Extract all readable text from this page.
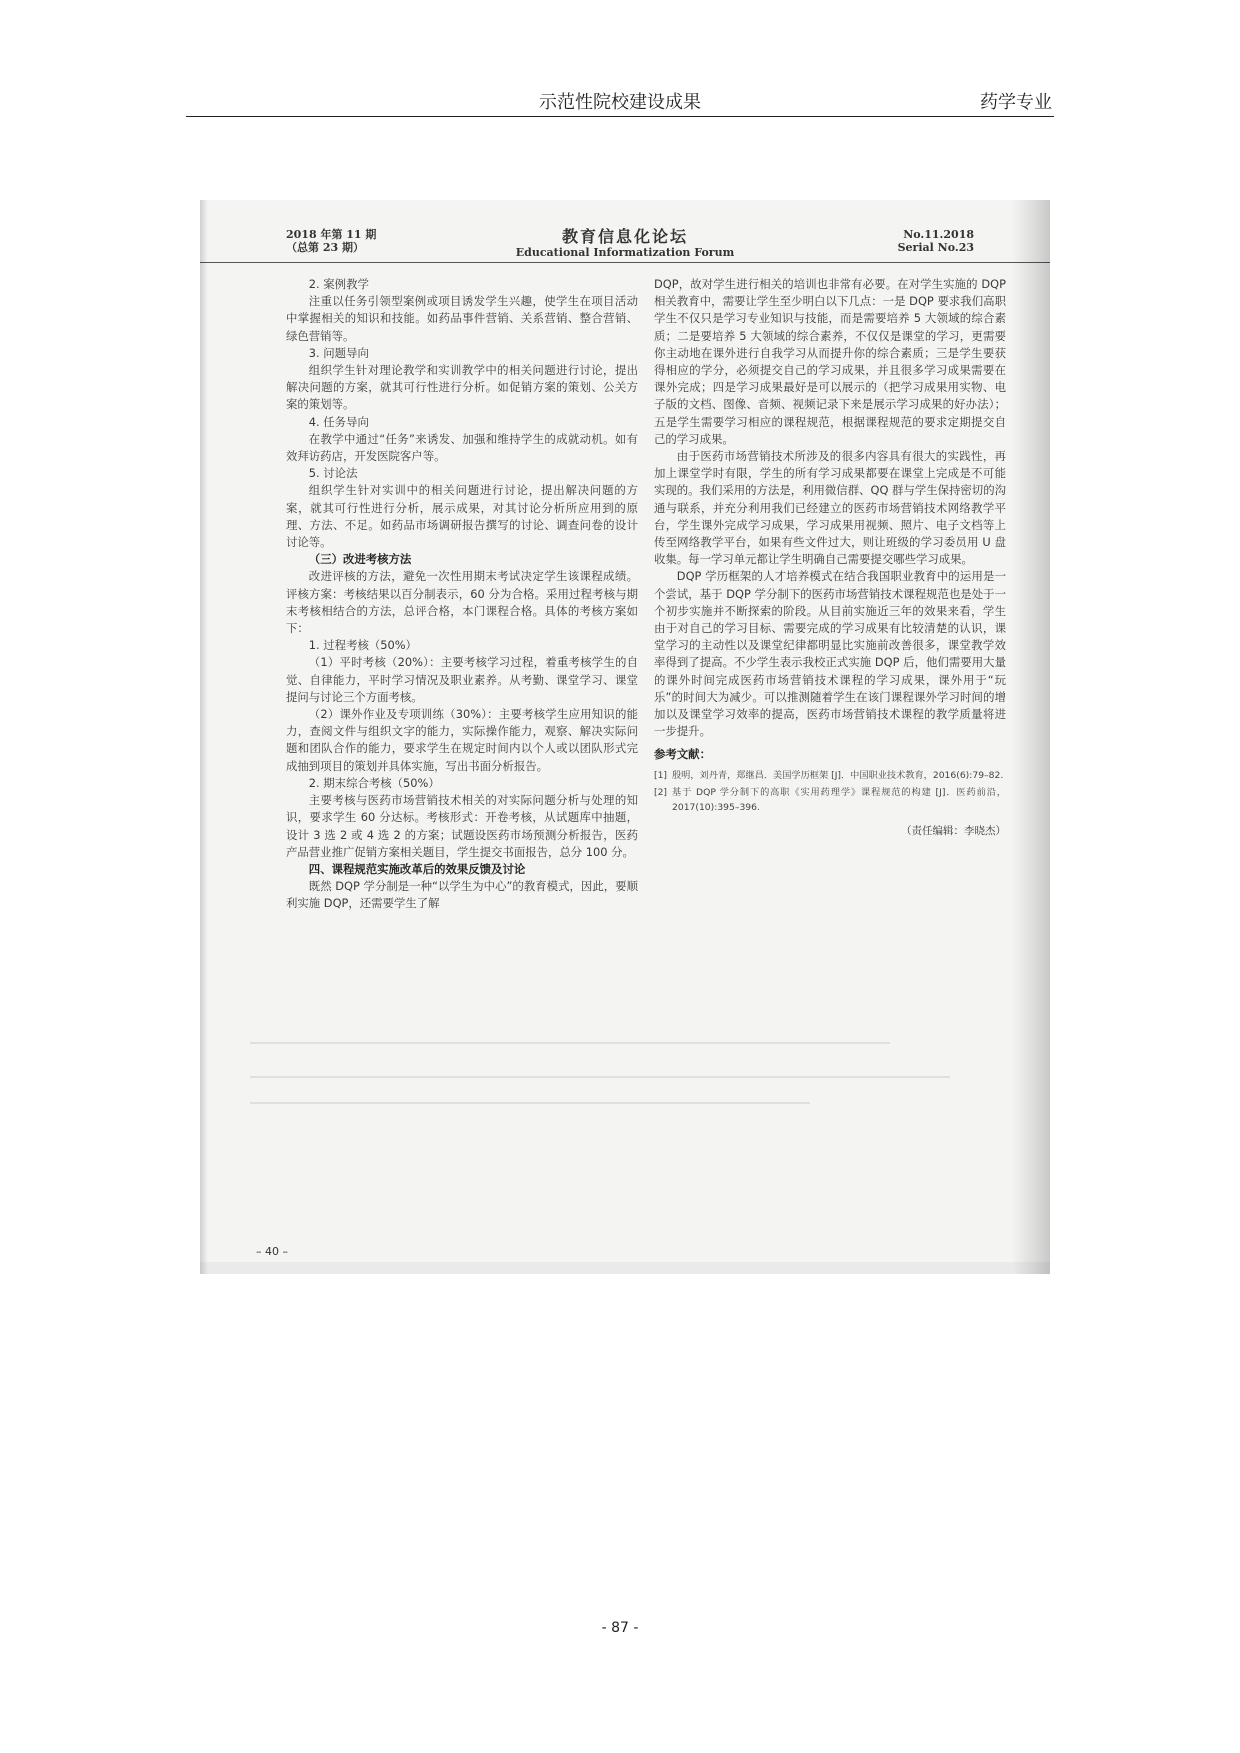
示范性院校建设成果	药学专业
2018 年第 11 期
（总第 23 期）
教育信息化论坛
Educational Informatization Forum
No.11.2018
Serial No.23

2. 案例教学

注重以任务引领型案例或项目诱发学生兴趣，使学生在项目活动中掌握相关的知识和技能。如药品事件营销、关系营销、整合营销、绿色营销等。

3. 问题导向

组织学生针对理论教学和实训教学中的相关问题进行讨论，提出解决问题的方案，就其可行性进行分析。如促销方案的策划、公关方案的策划等。

4. 任务导向

在教学中通过“任务”来诱发、加强和维持学生的成就动机。如有效拜访药店，开发医院客户等。

5. 讨论法

组织学生针对实训中的相关问题进行讨论，提出解决问题的方案，就其可行性进行分析，展示成果，对其讨论分析所应用到的原理、方法、不足。如药品市场调研报告撰写的讨论、调查问卷的设计讨论等。

（三）改进考核方法

改进评核的方法，避免一次性用期末考试决定学生该课程成绩。评核方案：考核结果以百分制表示，60 分为合格。采用过程考核与期末考核相结合的方法，总评合格，本门课程合格。具体的考核方案如下：

1. 过程考核（50%）

（1）平时考核（20%）：主要考核学习过程，着重考核学生的自觉、自律能力，平时学习情况及职业素养。从考勤、课堂学习、课堂提问与讨论三个方面考核。

（2）课外作业及专项训练（30%）：主要考核学生应用知识的能力，查阅文件与组织文字的能力，实际操作能力，观察、解决实际问题和团队合作的能力，要求学生在规定时间内以个人或以团队形式完成抽到项目的策划并具体实施，写出书面分析报告。

2. 期末综合考核（50%）

主要考核与医药市场营销技术相关的对实际问题分析与处理的知识，要求学生 60 分达标。考核形式：开卷考核，从试题库中抽题，设计 3 选 2 或 4 选 2 的方案；试题设医药市场预测分析报告，医药产品营业推广促销方案相关题目，学生提交书面报告，总分 100 分。

四、课程规范实施改革后的效果反馈及讨论

既然 DQP 学分制是一种“以学生为中心”的教育模式，因此，要顺利实施 DQP，还需要学生了解

DQP，故对学生进行相关的培训也非常有必要。在对学生实施的 DQP 相关教育中，需要让学生至少明白以下几点：一是 DQP 要求我们高职学生不仅只是学习专业知识与技能，而是需要培养 5 大领域的综合素质；二是要培养 5 大领域的综合素养，不仅仅是课堂的学习，更需要你主动地在课外进行自我学习从而提升你的综合素质；三是学生要获得相应的学分，必须提交自己的学习成果，并且很多学习成果需要在课外完成；四是学习成果最好是可以展示的（把学习成果用实物、电子版的文档、图像、音频、视频记录下来是展示学习成果的好办法）；五是学生需要学习相应的课程规范，根据课程规范的要求定期提交自己的学习成果。

由于医药市场营销技术所涉及的很多内容具有很大的实践性，再加上课堂学时有限，学生的所有学习成果都要在课堂上完成是不可能实现的。我们采用的方法是，利用微信群、QQ 群与学生保持密切的沟通与联系，并充分利用我们已经建立的医药市场营销技术网络教学平台，学生课外完成学习成果，学习成果用视频、照片、电子文档等上传至网络教学平台，如果有些文件过大，则让班级的学习委员用 U 盘收集。每一学习单元都让学生明确自己需要提交哪些学习成果。

DQP 学历框架的人才培养模式在结合我国职业教育中的运用是一个尝试，基于 DQP 学分制下的医药市场营销技术课程规范也是处于一个初步实施并不断探索的阶段。从目前实施近三年的效果来看，学生由于对自己的学习目标、需要完成的学习成果有比较清楚的认识，课堂学习的主动性以及课堂纪律都明显比实施前改善很多，课堂教学效率得到了提高。不少学生表示我校正式实施 DQP 后，他们需要用大量的课外时间完成医药市场营销技术课程的学习成果，课外用于“玩乐”的时间大为减少。可以推测随着学生在该门课程课外学习时间的增加以及课堂学习效率的提高，医药市场营销技术课程的教学质量将进一步提升。

参考文献：
[1] 殷明，刘丹青，郑继昌．美国学历框架 [J]．中国职业技术教育，2016(6):79–82.
[2] 基于 DQP 学分制下的高职《实用药理学》课程规范的构建 [J]．医药前沿，2017(10):395–396.
（责任编辑：李晓杰）
– 40 –
- 87 -
